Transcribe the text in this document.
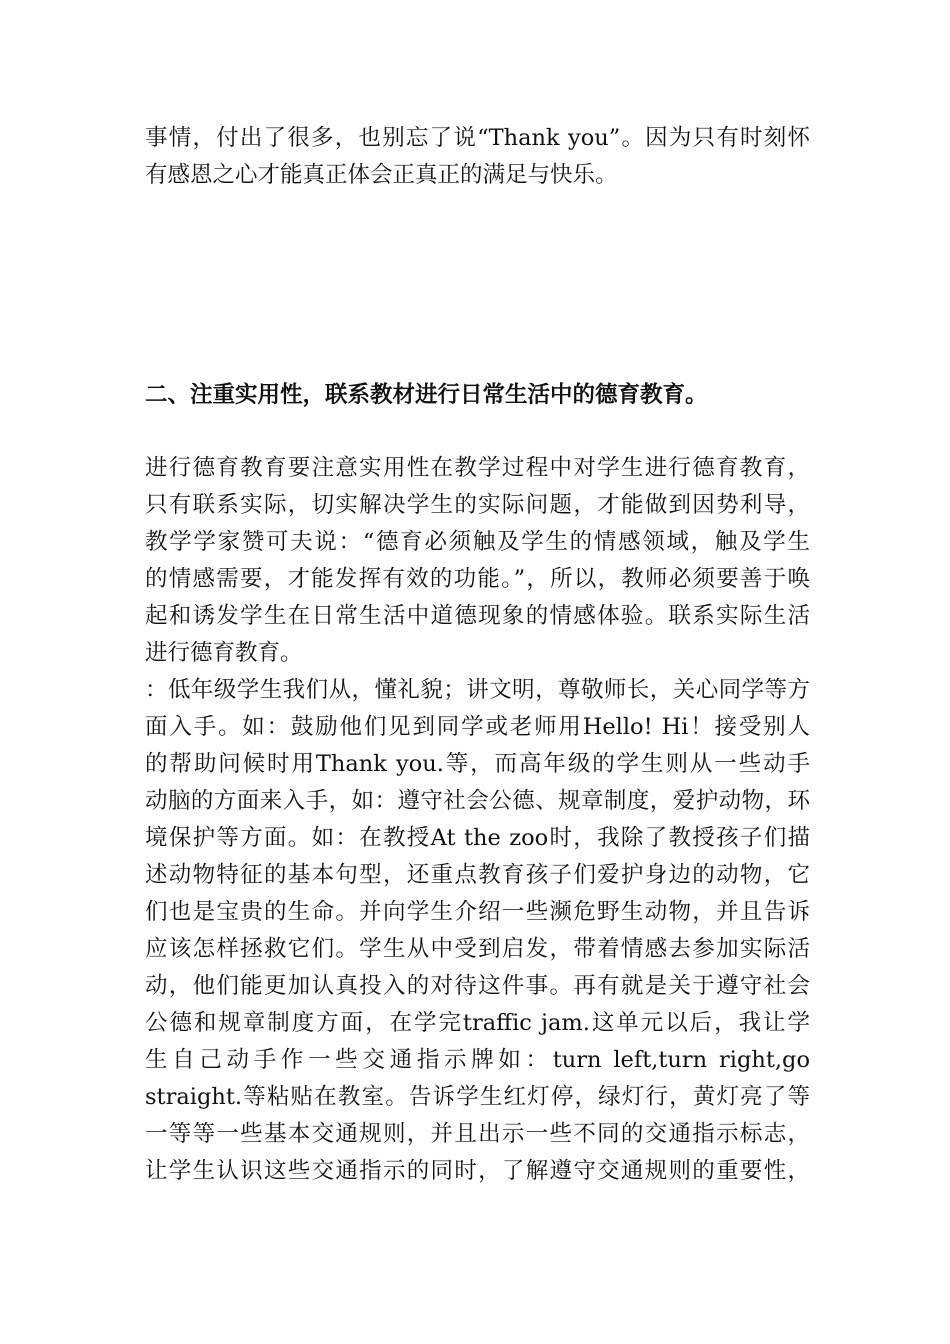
事情，付出了很多，也别忘了说“Thank you”。因为只有时刻怀
有感恩之心才能真正体会正真正的满足与快乐。
二、注重实用性，联系教材进行日常生活中的德育教育。
进行德育教育要注意实用性在教学过程中对学生进行德育教育，
只有联系实际，切实解决学生的实际问题，才能做到因势利导，
教学学家赞可夫说：“德育必须触及学生的情感领域，触及学生
的情感需要，才能发挥有效的功能。”，所以，教师必须要善于唤
起和诱发学生在日常生活中道德现象的情感体验。联系实际生活
进行德育教育。
：低年级学生我们从，懂礼貌；讲文明，尊敬师长，关心同学等方
面入手。如：鼓励他们见到同学或老师用Hello! Hi！接受别人
的帮助问候时用Thank you.等，而高年级的学生则从一些动手
动脑的方面来入手，如：遵守社会公德、规章制度，爱护动物，环
境保护等方面。如：在教授At the zoo时，我除了教授孩子们描
述动物特征的基本句型，还重点教育孩子们爱护身边的动物，它
们也是宝贵的生命。并向学生介绍一些濒危野生动物，并且告诉
应该怎样拯救它们。学生从中受到启发，带着情感去参加实际活
动，他们能更加认真投入的对待这件事。再有就是关于遵守社会
公德和规章制度方面，在学完traffic jam.这单元以后，我让学
生自己动手作一些交通指示牌如：turn left,turn right,go
straight.等粘贴在教室。告诉学生红灯停，绿灯行，黄灯亮了等
一等等一些基本交通规则，并且出示一些不同的交通指示标志，
让学生认识这些交通指示的同时，了解遵守交通规则的重要性，
